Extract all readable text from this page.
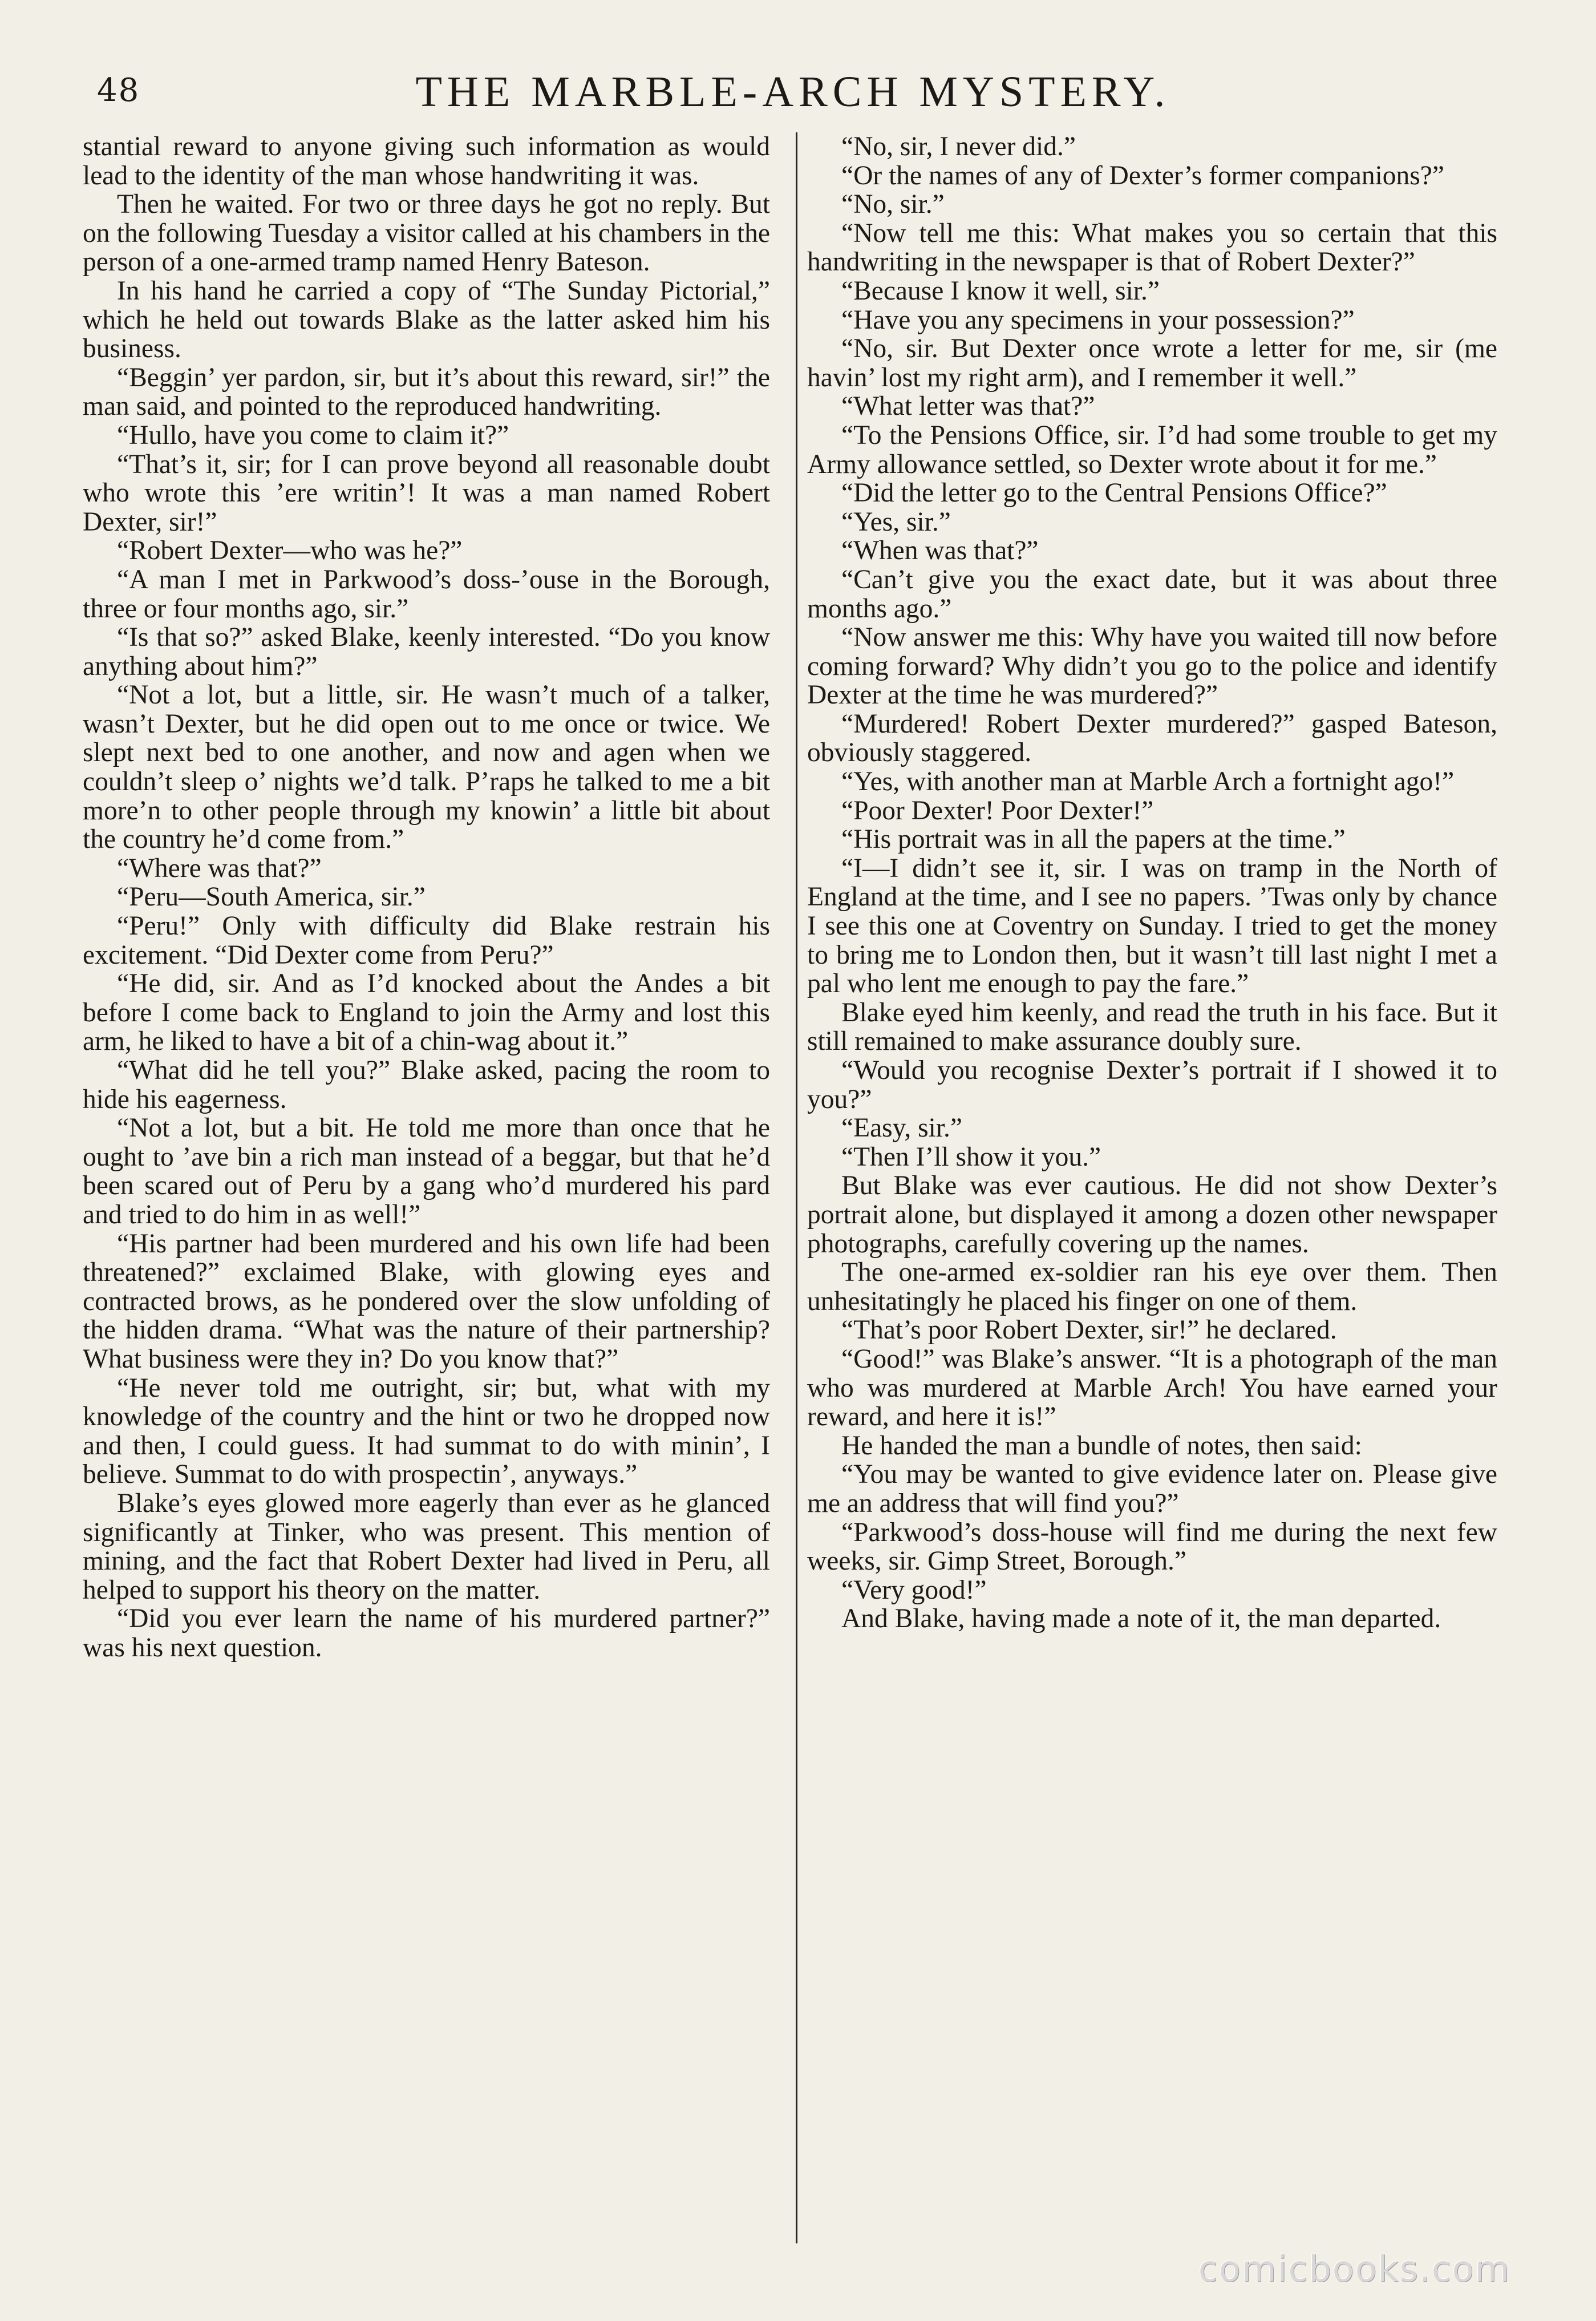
48	THE MARBLE-ARCH MYSTERY.

stantial reward to anyone giving such information as would lead to the identity of the man whose handwriting it was.

Then he waited. For two or three days he got no reply. But on the following Tuesday a visitor called at his chambers in the person of a one-armed tramp named Henry Bateson.

In his hand he carried a copy of “The Sunday Pictorial,” which he held out towards Blake as the latter asked him his business.

“Beggin’ yer pardon, sir, but it’s about this reward, sir!” the man said, and pointed to the reproduced handwriting.

“Hullo, have you come to claim it?”

“That’s it, sir; for I can prove beyond all reasonable doubt who wrote this ’ere writin’! It was a man named Robert Dexter, sir!”

“Robert Dexter—who was he?”

“A man I met in Parkwood’s doss-’ouse in the Borough, three or four months ago, sir.”

“Is that so?” asked Blake, keenly interested. “Do you know anything about him?”

“Not a lot, but a little, sir. He wasn’t much of a talker, wasn’t Dexter, but he did open out to me once or twice. We slept next bed to one another, and now and agen when we couldn’t sleep o’ nights we’d talk. P’raps he talked to me a bit more’n to other people through my knowin’ a little bit about the country he’d come from.”

“Where was that?”

“Peru—South America, sir.”

“Peru!” Only with difficulty did Blake restrain his excitement. “Did Dexter come from Peru?”

“He did, sir. And as I’d knocked about the Andes a bit before I come back to England to join the Army and lost this arm, he liked to have a bit of a chin-wag about it.”

“What did he tell you?” Blake asked, pacing the room to hide his eagerness.

“Not a lot, but a bit. He told me more than once that he ought to ’ave bin a rich man instead of a beggar, but that he’d been scared out of Peru by a gang who’d murdered his pard and tried to do him in as well!”

“His partner had been murdered and his own life had been threatened?” exclaimed Blake, with glowing eyes and contracted brows, as he pondered over the slow unfolding of the hidden drama. “What was the nature of their partnership? What business were they in? Do you know that?”

“He never told me outright, sir; but, what with my knowledge of the country and the hint or two he dropped now and then, I could guess. It had summat to do with minin’, I believe. Summat to do with prospectin’, anyways.”

Blake’s eyes glowed more eagerly than ever as he glanced significantly at Tinker, who was present. This mention of mining, and the fact that Robert Dexter had lived in Peru, all helped to support his theory on the matter.

“Did you ever learn the name of his murdered partner?” was his next question.

“No, sir, I never did.”

“Or the names of any of Dexter’s former companions?”

“No, sir.”

“Now tell me this: What makes you so certain that this handwriting in the newspaper is that of Robert Dexter?”

“Because I know it well, sir.”

“Have you any specimens in your possession?”

“No, sir. But Dexter once wrote a letter for me, sir (me havin’ lost my right arm), and I remember it well.”

“What letter was that?”

“To the Pensions Office, sir. I’d had some trouble to get my Army allowance settled, so Dexter wrote about it for me.”

“Did the letter go to the Central Pensions Office?”

“Yes, sir.”

“When was that?”

“Can’t give you the exact date, but it was about three months ago.”

“Now answer me this: Why have you waited till now before coming forward? Why didn’t you go to the police and identify Dexter at the time he was murdered?”

“Murdered! Robert Dexter murdered?” gasped Bateson, obviously staggered.

“Yes, with another man at Marble Arch a fortnight ago!”

“Poor Dexter! Poor Dexter!”

“His portrait was in all the papers at the time.”

“I—I didn’t see it, sir. I was on tramp in the North of England at the time, and I see no papers. ’Twas only by chance I see this one at Coventry on Sunday. I tried to get the money to bring me to London then, but it wasn’t till last night I met a pal who lent me enough to pay the fare.”

Blake eyed him keenly, and read the truth in his face. But it still remained to make assurance doubly sure.

“Would you recognise Dexter’s portrait if I showed it to you?”

“Easy, sir.”

“Then I’ll show it you.”

But Blake was ever cautious. He did not show Dexter’s portrait alone, but displayed it among a dozen other newspaper photographs, carefully covering up the names.

The one-armed ex-soldier ran his eye over them. Then unhesitatingly he placed his finger on one of them.

“That’s poor Robert Dexter, sir!” he declared.

“Good!” was Blake’s answer. “It is a photograph of the man who was murdered at Marble Arch! You have earned your reward, and here it is!”

He handed the man a bundle of notes, then said:

“You may be wanted to give evidence later on. Please give me an address that will find you?”

“Parkwood’s doss-house will find me during the next few weeks, sir. Gimp Street, Borough.”

“Very good!”

And Blake, having made a note of it, the man departed.

comicbooks.com
